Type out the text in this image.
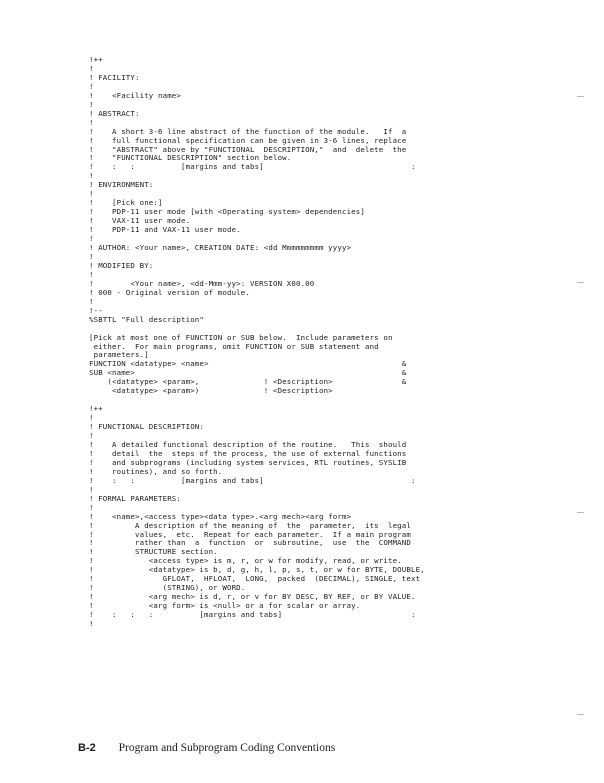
!++
!
! FACILITY:
!
!    <Facility name>
!
! ABSTRACT:
!
!    A short 3-6 line abstract of the function of the module.   If  a
!    full functional specification can be given in 3-6 lines, replace
!    "ABSTRACT" above by "FUNCTIONAL  DESCRIPTION,"  and  delete  the
!    "FUNCTIONAL DESCRIPTION" section below.
!    :   :          [margins and tabs]                                :
!
! ENVIRONMENT:
!
!    [Pick one:]
!    PDP-11 user mode [with <Operating system> dependencies]
!    VAX-11 user mode.
!    PDP-11 and VAX-11 user mode.
!
! AUTHOR: <Your name>, CREATION DATE: <dd Mmmmmmmmm yyyy>
!
! MODIFIED BY:
!
!        <Your name>, <dd-Mmm-yy>: VERSION X00.00
! 000 - Original version of module.
!
!--
%SBTTL "Full description"
[Pick at most one of FUNCTION or SUB below.  Include parameters on
either.  For main programs, omit FUNCTION or SUB statement and
parameters.]
FUNCTION <datatype> <name>                                          &
SUB <name>                                                          &
(<datatype> <param>,              ! <Description>               &
<datatype> <param>)              ! <Description>
!++
!
! FUNCTIONAL DESCRIPTION:
!
!    A detailed functional description of the routine.   This  should
!    detail  the  steps of the process, the use of external functions
!    and subprograms (including system services, RTL routines, SYSLIB
!    routines), and so forth.
!    :   :          [margins and tabs]                                :
!
! FORMAL PARAMETERS:
!
!    <name>,<access type><data type>.<arg mech><arg form>
!         A description of the meaning of  the  parameter,  its  legal
!         values,  etc.  Repeat for each parameter.  If a main program
!         rather than  a  function  or  subroutine,  use  the  COMMAND
!         STRUCTURE section.
!            <access type> is m, r, or w for modify, read, or write.
!            <datatype> is b, d, g, h, l, p, s, t, or w for BYTE, DOUBLE,
!               GFLOAT,  HFLOAT,  LONG,  packed  (DECIMAL), SINGLE, text
!               (STRING), or WORD.
!            <arg mech> is d, r, or v for BY DESC, BY REF, or BY VALUE.
!            <arg form> is <null> or a for scalar or array.
!    :   :   :          [margins and tabs]                            :
!
B-2 Program and Subprogram Coding Conventions
